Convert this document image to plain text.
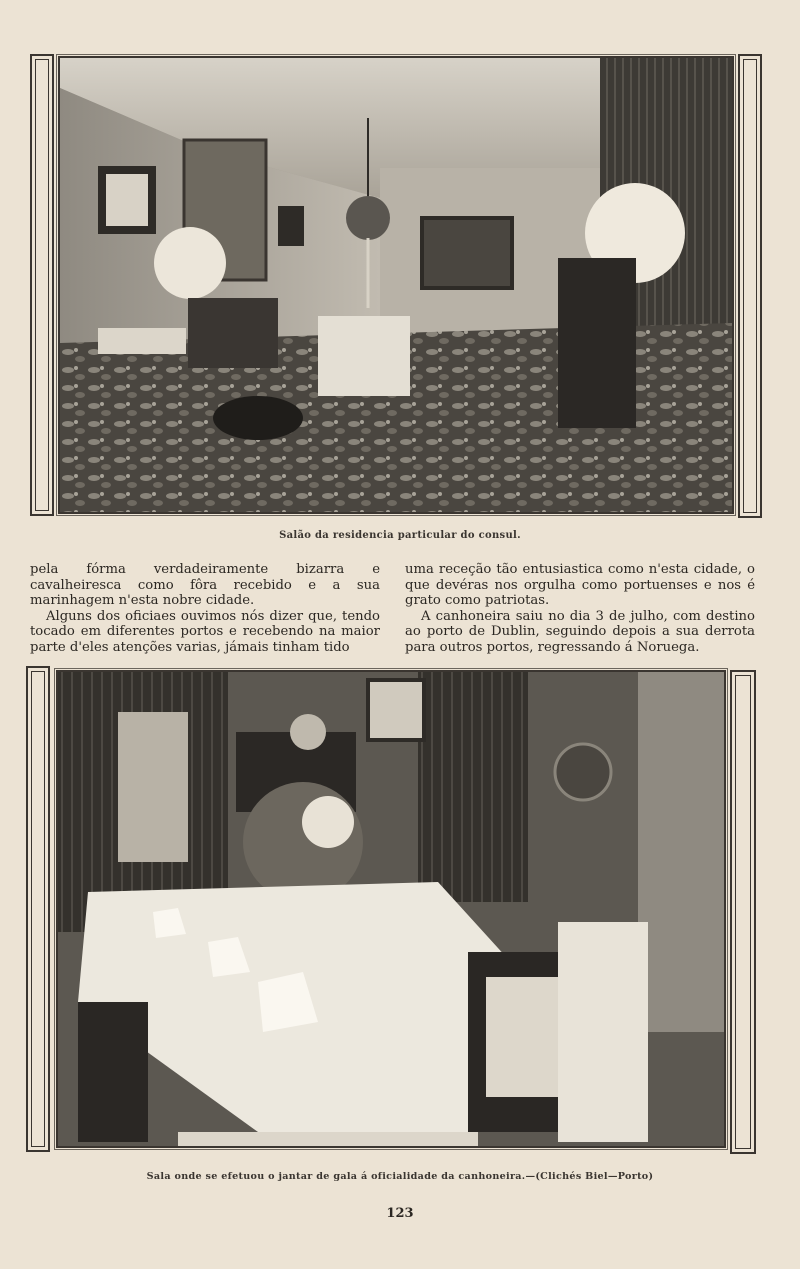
Salão da residencia particular do consul.

pela fórma verdadeiramente bizarra e cavalheiresca como fôra recebido e a sua marinhagem n'esta nobre cidade.

Alguns dos oficiaes ouvimos nós dizer que, tendo tocado em diferentes portos e recebendo na maior parte d'eles atenções varias, jámais tinham tido

uma receção tão entusiastica como n'esta cidade, o que devéras nos orgulha como portuenses e nos é grato como patriotas.

A canhoneira saiu no dia 3 de julho, com destino ao porto de Dublin, seguindo depois a sua derrota para outros portos, regressando á Noruega.

Sala onde se efetuou o jantar de gala á oficialidade da canhoneira.—(Clichés Biel—Porto)
123
